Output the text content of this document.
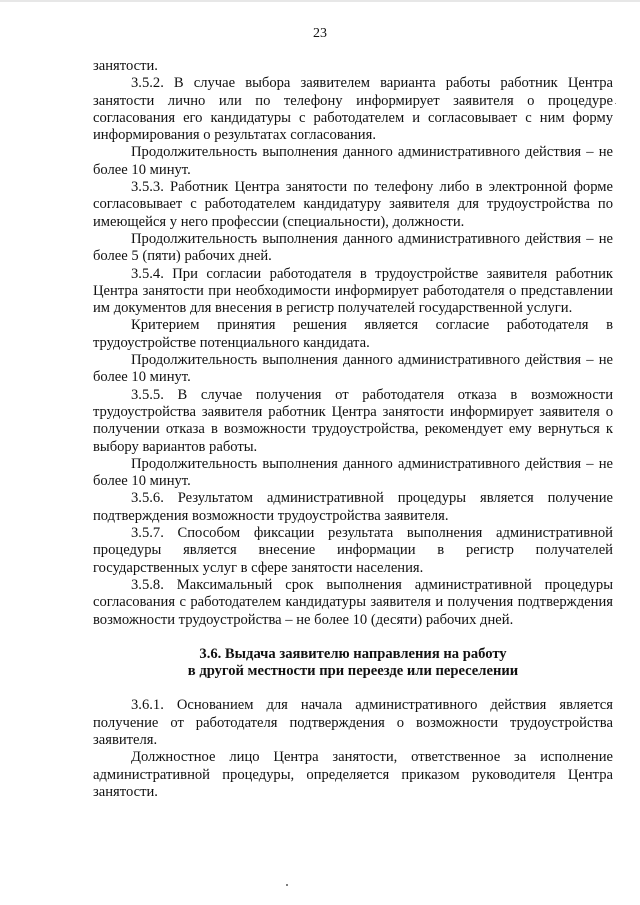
23

занятости.

3.5.2. В случае выбора заявителем варианта работы работник Центра занятости лично или по телефону информирует заявителя о процедуре согласования его кандидатуры с работодателем и согласовывает с ним форму информирования о результатах согласования.

Продолжительность выполнения данного административного действия – не более 10 минут.

3.5.3. Работник Центра занятости по телефону либо в электронной форме согласовывает с работодателем кандидатуру заявителя для трудоустройства по имеющейся у него профессии (специальности), должности.

Продолжительность выполнения данного административного действия – не более 5 (пяти) рабочих дней.

3.5.4. При согласии работодателя в трудоустройстве заявителя работник Центра занятости при необходимости информирует работодателя о представлении им документов для внесения в регистр получателей государственной услуги.

Критерием принятия решения является согласие работодателя в трудоустройстве потенциального кандидата.

Продолжительность выполнения данного административного действия – не более 10 минут.

3.5.5. В случае получения от работодателя отказа в возможности трудоустройства заявителя работник Центра занятости информирует заявителя о получении отказа в возможности трудоустройства, рекомендует ему вернуться к выбору вариантов работы.

Продолжительность выполнения данного административного действия – не более 10 минут.

3.5.6. Результатом административной процедуры является получение подтверждения возможности трудоустройства заявителя.

3.5.7. Способом фиксации результата выполнения административной процедуры является внесение информации в регистр получателей государственных услуг в сфере занятости населения.

3.5.8. Максимальный срок выполнения административной процедуры согласования с работодателем кандидатуры заявителя и получения подтверждения возможности трудоустройства – не более 10 (десяти) рабочих дней.

3.6. Выдача заявителю направления на работу
в другой местности при переезде или переселении

3.6.1. Основанием для начала административного действия является получение от работодателя подтверждения о возможности трудоустройства заявителя.

Должностное лицо Центра занятости, ответственное за исполнение административной процедуры, определяется приказом руководителя Центра занятости.
